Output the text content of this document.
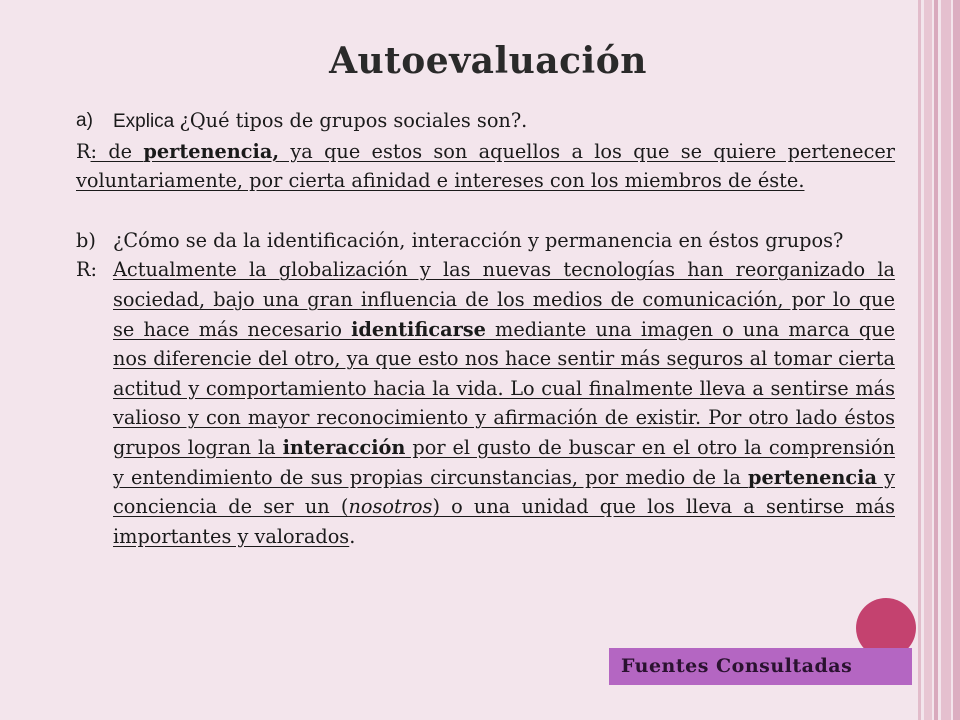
Autoevaluación
a)	Explica ¿Qué tipos de grupos sociales son?.
R: de pertenencia, ya que estos son aquellos a los que se quiere pertenecer voluntariamente, por cierta afinidad e intereses con los miembros de éste.
b) ¿Cómo se da la identificación, interacción y permanencia en éstos grupos?
R: Actualmente la globalización y las nuevas tecnologías han reorganizado la sociedad, bajo una gran influencia de los medios de comunicación, por lo que se hace más necesario identificarse mediante una imagen o una marca que nos diferencie del otro, ya que esto nos hace sentir más seguros al tomar cierta actitud y comportamiento hacia la vida. Lo cual finalmente lleva a sentirse más valioso y con mayor reconocimiento y afirmación de existir. Por otro lado éstos grupos logran la interacción por el gusto de buscar en el otro la comprensión y entendimiento de sus propias circunstancias, por medio de la pertenencia y conciencia de ser un (nosotros) o una unidad que los lleva a sentirse más importantes y valorados.
Fuentes Consultadas
